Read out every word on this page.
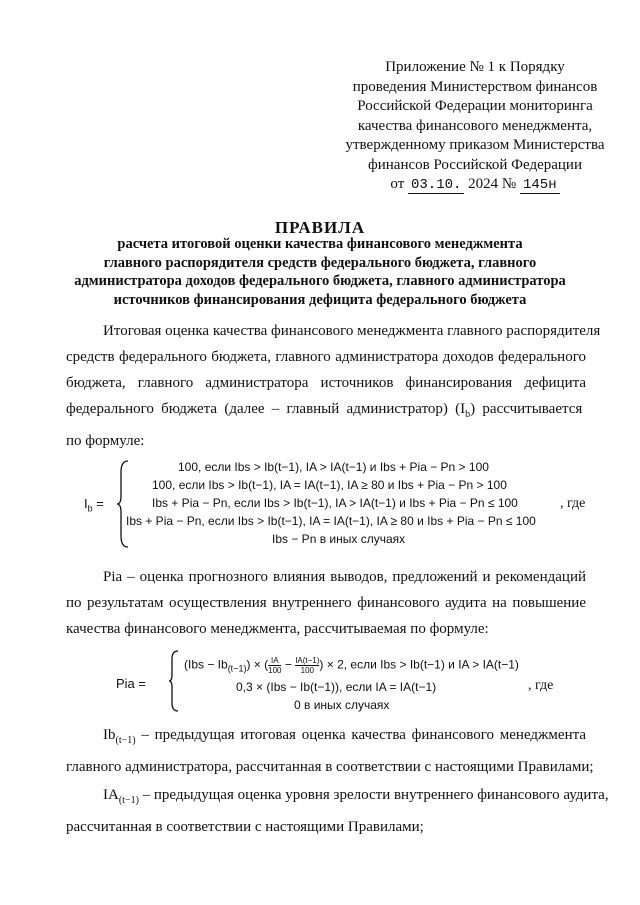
Приложение № 1 к Порядку
проведения Министерством финансов
Российской Федерации мониторинга
качества финансового менеджмента,
утвержденному приказом Министерства
финансов Российской Федерации
от 03.10. 2024 № 145н
ПРАВИЛА
расчета итоговой оценки качества финансового менеджмента
главного распорядителя средств федерального бюджета, главного
администратора доходов федерального бюджета, главного администратора
источников финансирования дефицита федерального бюджета
Итоговая оценка качества финансового менеджмента главного распорядителя
средств федерального бюджета, главного администратора доходов федерального
бюджета, главного администратора источников финансирования дефицита
федерального бюджета (далее – главный администратор) $(I_b)$ рассчитывается
по формуле:
$I_b$ =
100, если Ibs > Ib(t−1), IA > IA(t−1) и Ibs + Pia − Pn > 100
100, если Ibs > Ib(t−1), IA = IA(t−1), IA ≥ 80 и Ibs + Pia − Pn > 100
Ibs + Pia − Pn, если Ibs > Ib(t−1), IA > IA(t−1) и Ibs + Pia − Pn ≤ 100
Ibs + Pia − Pn, если Ibs > Ib(t−1), IA = IA(t−1), IA ≥ 80 и Ibs + Pia − Pn ≤ 100
Ibs − Pn в иных случаях
, где
Pia – оценка прогнозного влияния выводов, предложений и рекомендаций
по результатам осуществления внутреннего финансового аудита на повышение
качества финансового менеджмента, рассчитываемая по формуле:
Pia =
$(Ibs - Ib_{(t-1)})$ × ( $\frac{IA}{100} - \frac{IA(t-1)}{100}$ ) × 2, если Ibs > Ib(t−1) и IA > IA(t−1)
0,3 × (Ibs − Ib(t−1)), если IA = IA(t−1)
0 в иных случаях
, где
$Ib_{(t-1)}$ – предыдущая итоговая оценка качества финансового менеджмента
главного администратора, рассчитанная в соответствии с настоящими Правилами;
$IA_{(t-1)}$ – предыдущая оценка уровня зрелости внутреннего финансового аудита,
рассчитанная в соответствии с настоящими Правилами;
